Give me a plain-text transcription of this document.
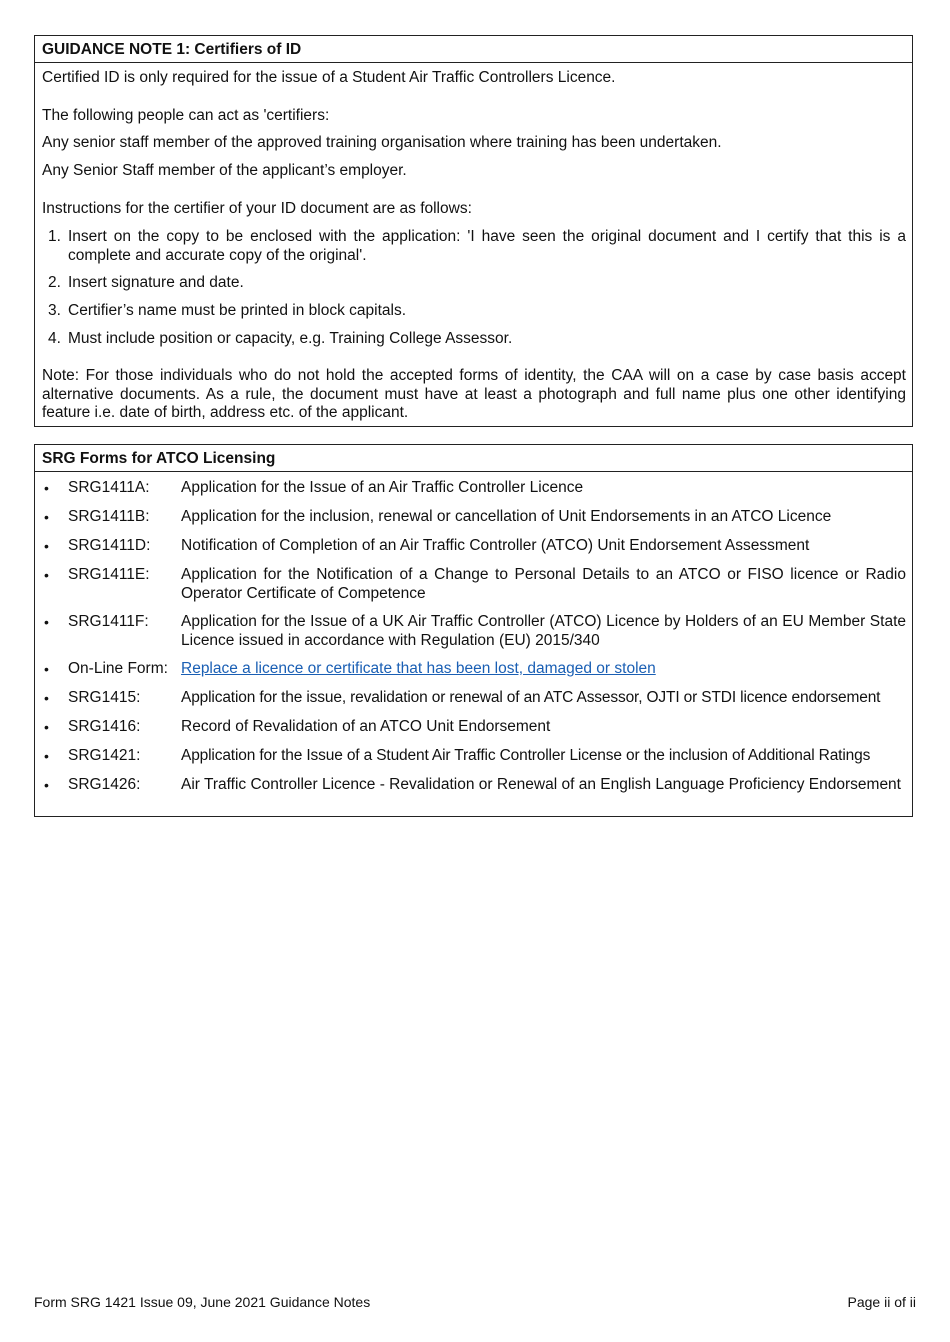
GUIDANCE NOTE 1: Certifiers of ID

Certified ID is only required for the issue of a Student Air Traffic Controllers Licence.

The following people can act as 'certifiers:

Any senior staff member of the approved training organisation where training has been undertaken.

Any Senior Staff member of the applicant’s employer.

Instructions for the certifier of your ID document are as follows:

1. Insert on the copy to be enclosed with the application: 'I have seen the original document and I certify that this is a complete and accurate copy of the original'.
2. Insert signature and date.
3. Certifier’s name must be printed in block capitals.
4. Must include position or capacity, e.g. Training College Assessor.

Note: For those individuals who do not hold the accepted forms of identity, the CAA will on a case by case basis accept alternative documents. As a rule, the document must have at least a photograph and full name plus one other identifying feature i.e. date of birth, address etc. of the applicant.

SRG Forms for ATCO Licensing
• SRG1411A: Application for the Issue of an Air Traffic Controller Licence
• SRG1411B: Application for the inclusion, renewal or cancellation of Unit Endorsements in an ATCO Licence
• SRG1411D: Notification of Completion of an Air Traffic Controller (ATCO) Unit Endorsement Assessment
• SRG1411E: Application for the Notification of a Change to Personal Details to an ATCO or FISO licence or Radio Operator Certificate of Competence
• SRG1411F: Application for the Issue of a UK Air Traffic Controller (ATCO) Licence by Holders of an EU Member State Licence issued in accordance with Regulation (EU) 2015/340
• On-Line Form: Replace a licence or certificate that has been lost, damaged or stolen
• SRG1415:	Application for the issue, revalidation or renewal of an ATC Assessor, OJTI or STDI licence endorsement
• SRG1416:	Record of Revalidation of an ATCO Unit Endorsement
• SRG1421:	Application for the Issue of a Student Air Traffic Controller License or the inclusion of Additional Ratings
• SRG1426:	Air Traffic Controller Licence - Revalidation or Renewal of an English Language Proficiency Endorsement
Form SRG 1421 Issue 09, June 2021 Guidance Notes	Page ii of ii
